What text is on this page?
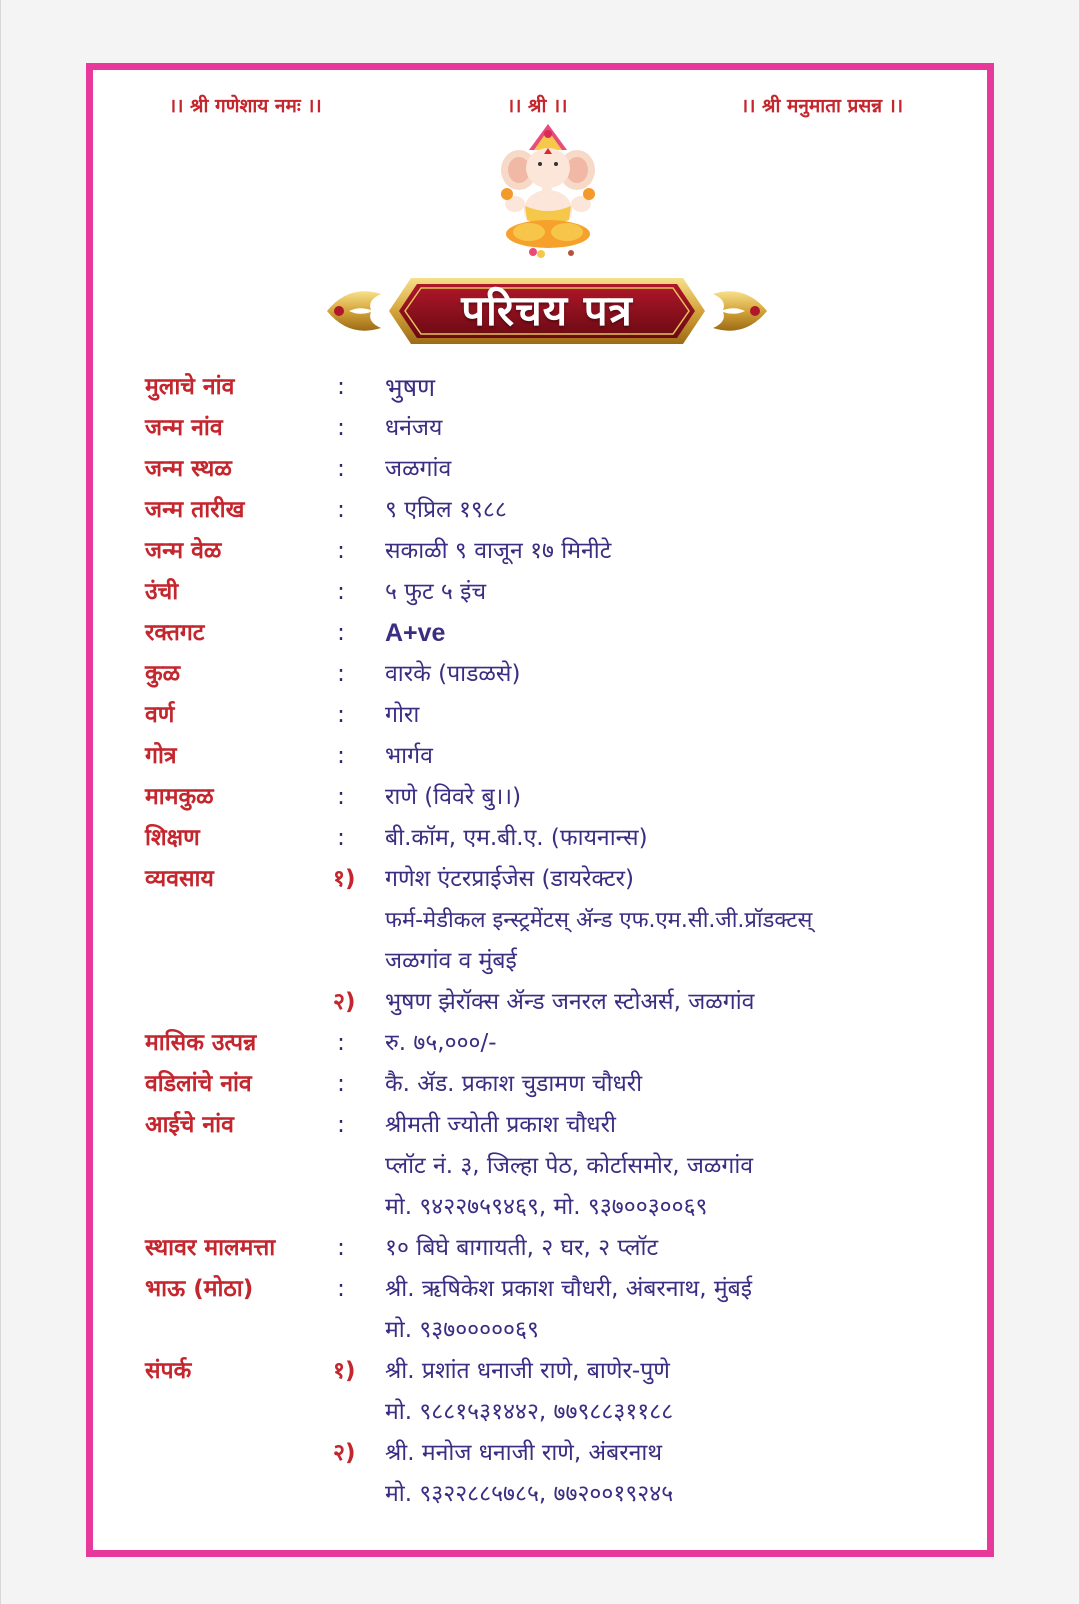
।। श्री गणेशाय नमः ।।	।। श्री ।।	।। श्री मनुमाता प्रसन्न ।।
परिचय पत्र
मुलाचे नांव	:	भुषण
जन्म नांव	:	धनंजय
जन्म स्थळ	:	जळगांव
जन्म तारीख	:	९ एप्रिल १९८८
जन्म वेळ	:	सकाळी ९ वाजून १७ मिनीटे
उंची	:	५ फुट ५ इंच
रक्तगट	:	A+ve
कुळ	:	वारके (पाडळसे)
वर्ण	:	गोरा
गोत्र	:	भार्गव
मामकुळ	:	राणे (विवरे बु।।)
शिक्षण	:	बी.कॉम, एम.बी.ए. (फायनान्स)
व्यवसाय	१) गणेश एंटरप्राईजेस (डायरेक्टर)
फर्म-मेडीकल इन्स्ट्रमेंटस् ॲन्ड एफ.एम.सी.जी.प्रॉडक्टस्
जळगांव व मुंबई
२) भुषण झेरॉक्स ॲन्ड जनरल स्टोअर्स, जळगांव
मासिक उत्पन्न	:	रु. ७५,०००/-
वडिलांचे नांव	:	कै. ॲड. प्रकाश चुडामण चौधरी
आईचे नांव	:	श्रीमती ज्योती प्रकाश चौधरी
प्लॉट नं. ३, जिल्हा पेठ, कोर्टासमोर, जळगांव
मो. ९४२२७५९४६९, मो. ९३७००३००६९
स्थावर मालमत्ता	:	१० बिघे बागायती, २ घर, २ प्लॉट
भाऊ (मोठा)	:	श्री. ऋषिकेश प्रकाश चौधरी, अंबरनाथ, मुंबई
मो. ९३७०००००६९
संपर्क	१) श्री. प्रशांत धनाजी राणे, बाणेर-पुणे
मो. ९८८१५३१४४२, ७७९८८३११८८
२) श्री. मनोज धनाजी राणे, अंबरनाथ
मो. ९३२२८८५७८५, ७७२००१९२४५
